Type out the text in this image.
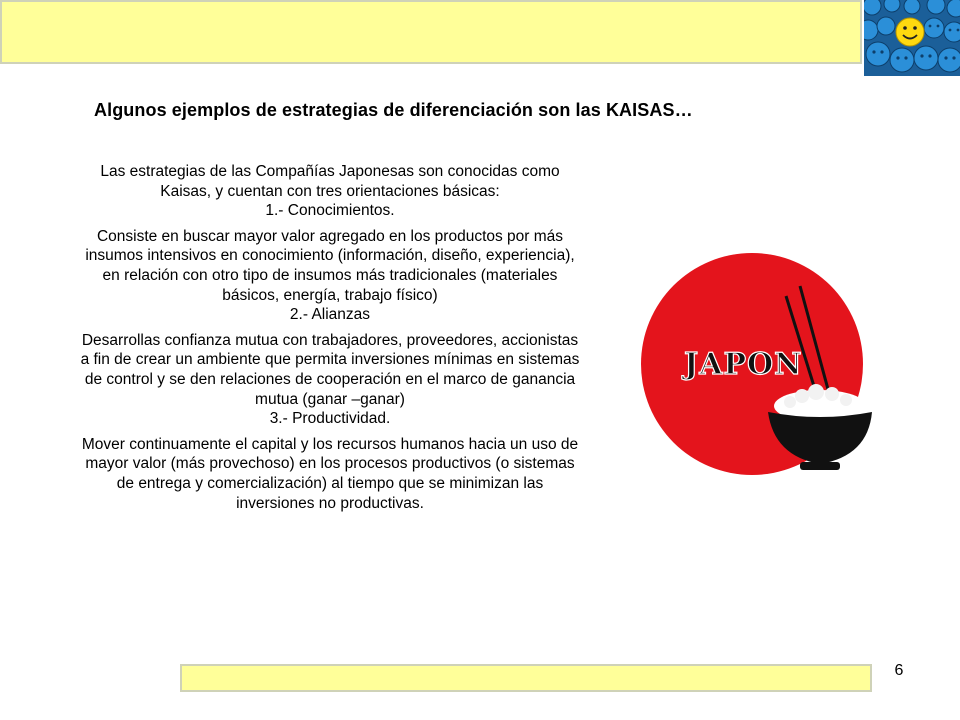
Algunos ejemplos de estrategias de diferenciación son las KAISAS…

Las estrategias de las Compañías Japonesas son conocidas como Kaisas, y cuentan con tres orientaciones básicas:

1.- Conocimientos.

Consiste en buscar mayor valor agregado en los productos por más insumos intensivos en conocimiento (información, diseño, experiencia), en relación con otro tipo de insumos más tradicionales (materiales básicos, energía, trabajo físico)

2.- Alianzas

Desarrollas confianza mutua con trabajadores, proveedores, accionistas a fin de crear un ambiente que permita inversiones mínimas en sistemas de control y se den relaciones de cooperación en el marco de ganancia mutua (ganar –ganar)

3.- Productividad.

Mover continuamente el capital y los recursos humanos hacia un uso de mayor valor (más provechoso) en los procesos productivos (o sistemas de entrega y comercialización) al tiempo que se minimizan las inversiones no productivas.

JAPON
6
